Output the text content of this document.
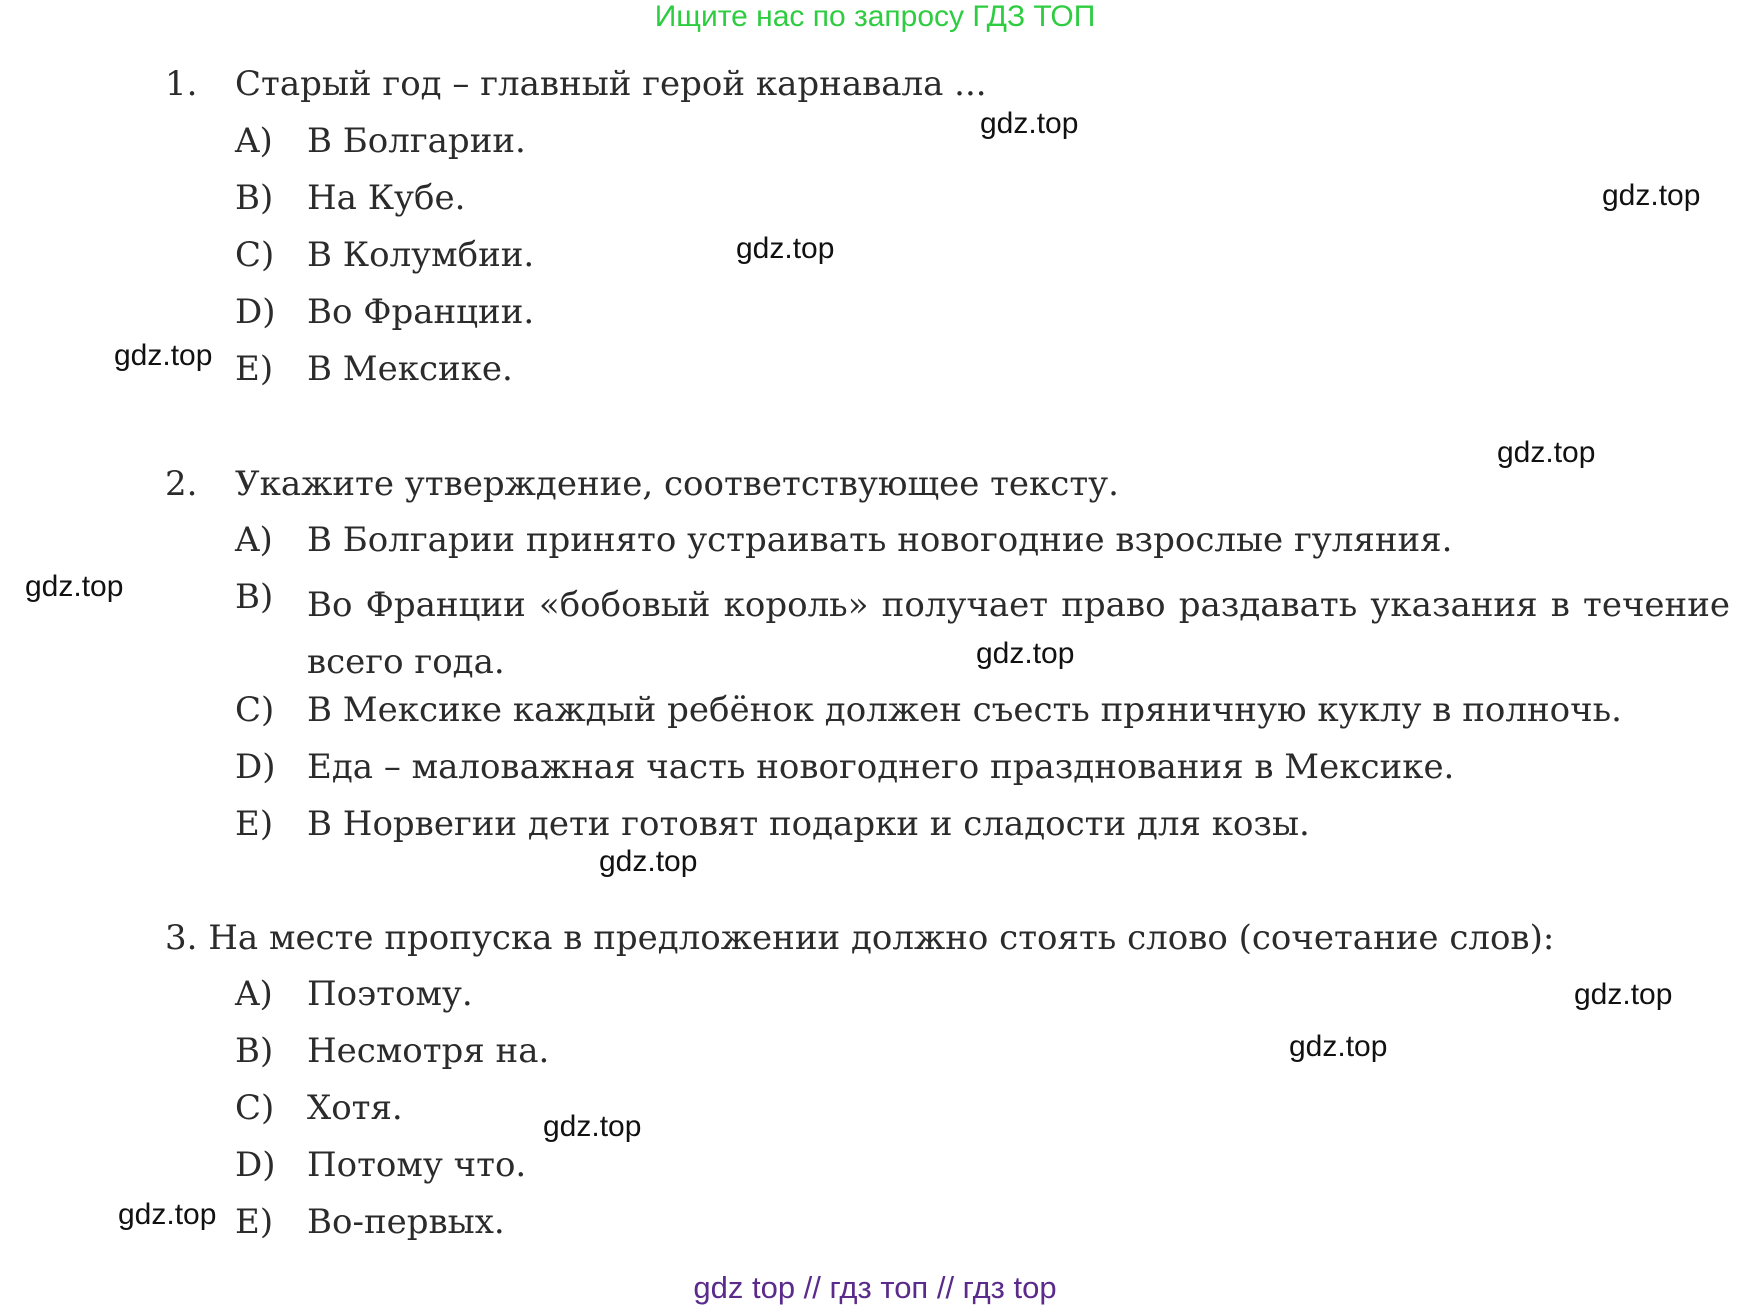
Ищите нас по запросу ГДЗ ТОП
1. Старый год – главный герой карнавала ...
A) В Болгарии.
B) На Кубе.
C) В Колумбии.
D) Во Франции.
E) В Мексике.
2. Укажите утверждение, соответствующее тексту.
A) В Болгарии принято устраивать новогодние взрослые гуляния.
B) Во Франции «бобовый король» получает право раздавать указания в течение всего года.
C) В Мексике каждый ребёнок должен съесть пряничную куклу в полночь.
D) Еда – маловажная часть новогоднего празднования в Мексике.
E) В Норвегии дети готовят подарки и сладости для козы.
3. На месте пропуска в предложении должно стоять слово (сочетание слов):
A) Поэтому.
B) Несмотря на.
C) Хотя.
D) Потому что.
E) Во-первых.
gdz.top
gdz.top
gdz.top
gdz.top
gdz.top
gdz.top
gdz.top
gdz.top
gdz.top
gdz.top
gdz.top
gdz.top
gdz top // гдз топ // гдз top
